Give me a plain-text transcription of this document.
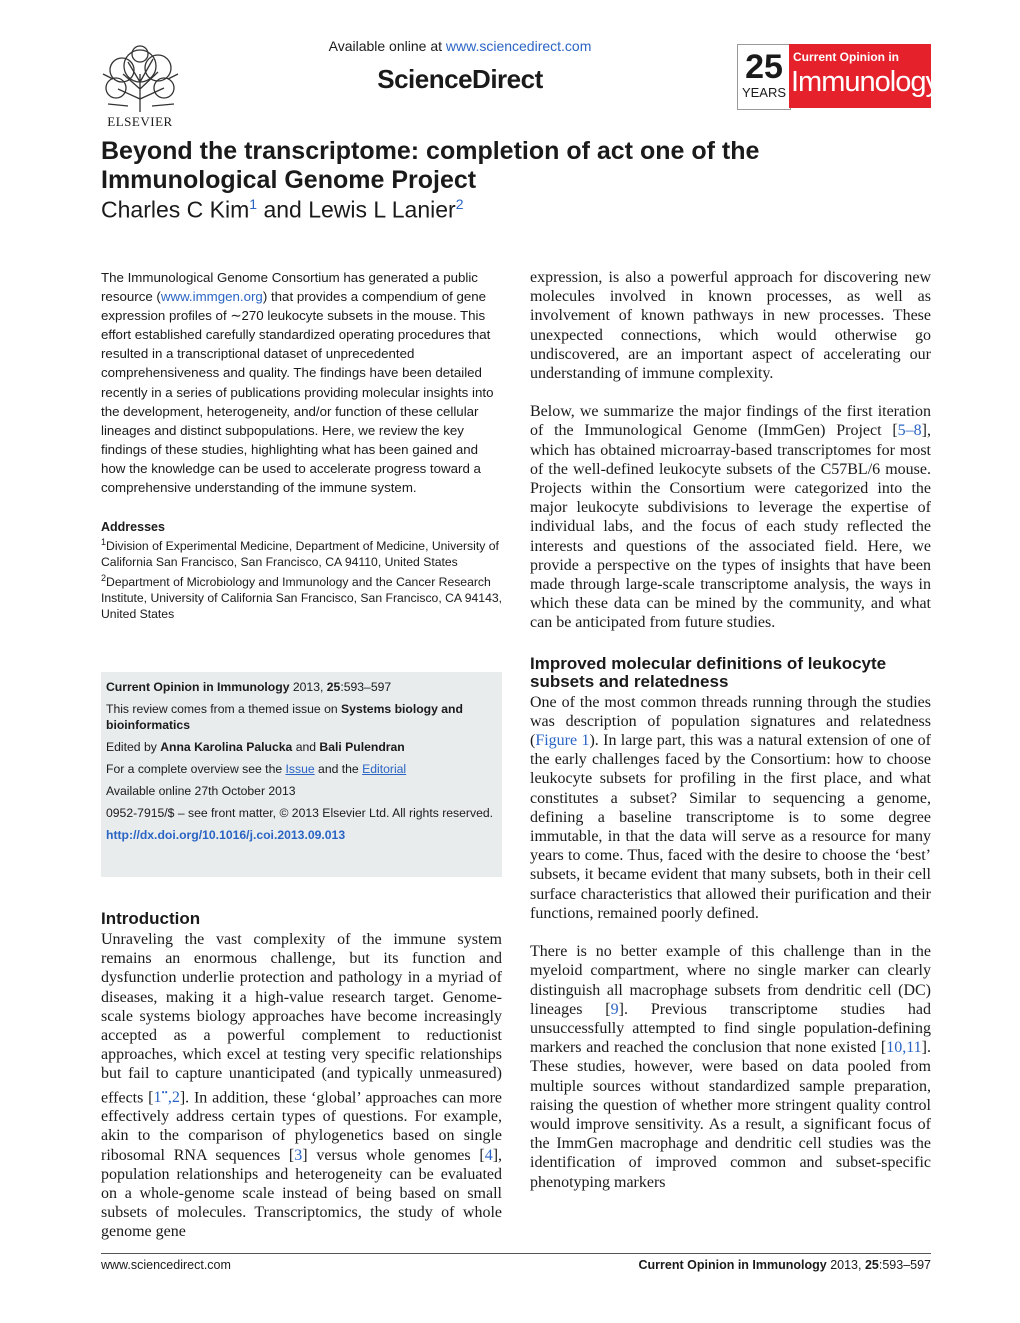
ELSEVIER
Available online at www.sciencedirect.com
ScienceDirect	25
YEARS
Current Opinion in
Immunology
Beyond the transcriptome: completion of act one of the Immunological Genome Project
Charles C Kim$^1$ and Lewis L Lanier$^2$

The Immunological Genome Consortium has generated a public resource (www.immgen.org) that provides a compendium of gene expression profiles of ∼270 leukocyte subsets in the mouse. This effort established carefully standardized operating procedures that resulted in a transcriptional dataset of unprecedented comprehensiveness and quality. The findings have been detailed recently in a series of publications providing molecular insights into the development, heterogeneity, and/or function of these cellular lineages and distinct subpopulations. Here, we review the key findings of these studies, highlighting what has been gained and how the knowledge can be used to accelerate progress toward a comprehensive understanding of the immune system.

Addresses
$^1$Division of Experimental Medicine, Department of Medicine, University of California San Francisco, San Francisco, CA 94110, United States
$^2$Department of Microbiology and Immunology and the Cancer Research Institute, University of California San Francisco, San Francisco, CA 94143, United States
Current Opinion in Immunology 2013, 25:593–597
This review comes from a themed issue on Systems biology and bioinformatics
Edited by Anna Karolina Palucka and Bali Pulendran
For a complete overview see the Issue and the Editorial
Available online 27th October 2013
0952-7915/$ – see front matter, © 2013 Elsevier Ltd. All rights reserved.
http://dx.doi.org/10.1016/j.coi.2013.09.013
Introduction

Unraveling the vast complexity of the immune system remains an enormous challenge, but its function and dysfunction underlie protection and pathology in a myriad of diseases, making it a high-value research target. Genome-scale systems biology approaches have become increasingly accepted as a powerful complement to reductionist approaches, which excel at testing very specific relationships but fail to capture unanticipated (and typically unmeasured) effects [1••,2]. In addition, these ‘global’ approaches can more effectively address certain types of questions. For example, akin to the comparison of phylogenetics based on single ribosomal RNA sequences [3] versus whole genomes [4], population relationships and heterogeneity can be evaluated on a whole-genome scale instead of being based on small subsets of molecules. Transcriptomics, the study of whole genome gene

expression, is also a powerful approach for discovering new molecules involved in known processes, as well as involvement of known pathways in new processes. These unexpected connections, which would otherwise go undiscovered, are an important aspect of accelerating our understanding of immune complexity.

Below, we summarize the major findings of the first iteration of the Immunological Genome (ImmGen) Project [5–8], which has obtained microarray-based transcriptomes for most of the well-defined leukocyte subsets of the C57BL/6 mouse. Projects within the Consortium were categorized into the major leukocyte subdivisions to leverage the expertise of individual labs, and the focus of each study reflected the interests and questions of the associated field. Here, we provide a perspective on the types of insights that have been made through large-scale transcriptome analysis, the ways in which these data can be mined by the community, and what can be anticipated from future studies.

Improved molecular definitions of leukocyte subsets and relatedness

One of the most common threads running through the studies was description of population signatures and relatedness (Figure 1). In large part, this was a natural extension of one of the early challenges faced by the Consortium: how to choose leukocyte subsets for profiling in the first place, and what constitutes a subset? Similar to sequencing a genome, defining a baseline transcriptome is to some degree immutable, in that the data will serve as a resource for many years to come. Thus, faced with the desire to choose the ‘best’ subsets, it became evident that many subsets, both in their cell surface characteristics that allowed their purification and their functions, remained poorly defined.

There is no better example of this challenge than in the myeloid compartment, where no single marker can clearly distinguish all macrophage subsets from dendritic cell (DC) lineages [9]. Previous transcriptome studies had unsuccessfully attempted to find single population-defining markers and reached the conclusion that none existed [10,11]. These studies, however, were based on data pooled from multiple sources without standardized sample preparation, raising the question of whether more stringent quality control would improve sensitivity. As a result, a significant focus of the ImmGen macrophage and dendritic cell studies was the identification of improved common and subset-specific phenotyping markers

www.sciencedirect.com	Current Opinion in Immunology 2013, 25:593–597
